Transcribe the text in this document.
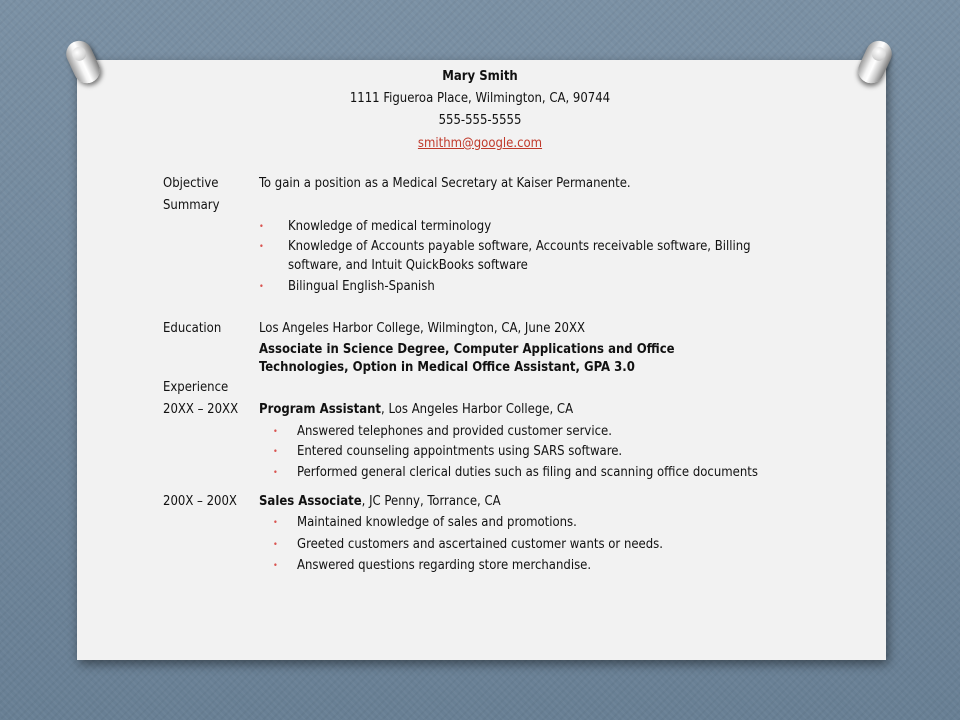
Mary Smith
1111 Figueroa Place, Wilmington, CA, 90744
555-555-5555
smithm@google.com
Objective	To gain a position as a Medical Secretary at Kaiser Permanente.
Summary
• Knowledge of medical terminology
• Knowledge of Accounts payable software, Accounts receivable software, Billing
software, and Intuit QuickBooks software
• Bilingual English-Spanish
Education	Los Angeles Harbor College, Wilmington, CA, June 20XX
Associate in Science Degree, Computer Applications and Office
Technologies, Option in Medical Office Assistant, GPA 3.0
Experience
20XX – 20XX Program Assistant, Los Angeles Harbor College, CA
• Answered telephones and provided customer service.
• Entered counseling appointments using SARS software.
• Performed general clerical duties such as filing and scanning office documents
200X – 200X Sales Associate, JC Penny, Torrance, CA
• Maintained knowledge of sales and promotions.
• Greeted customers and ascertained customer wants or needs.
• Answered questions regarding store merchandise.
